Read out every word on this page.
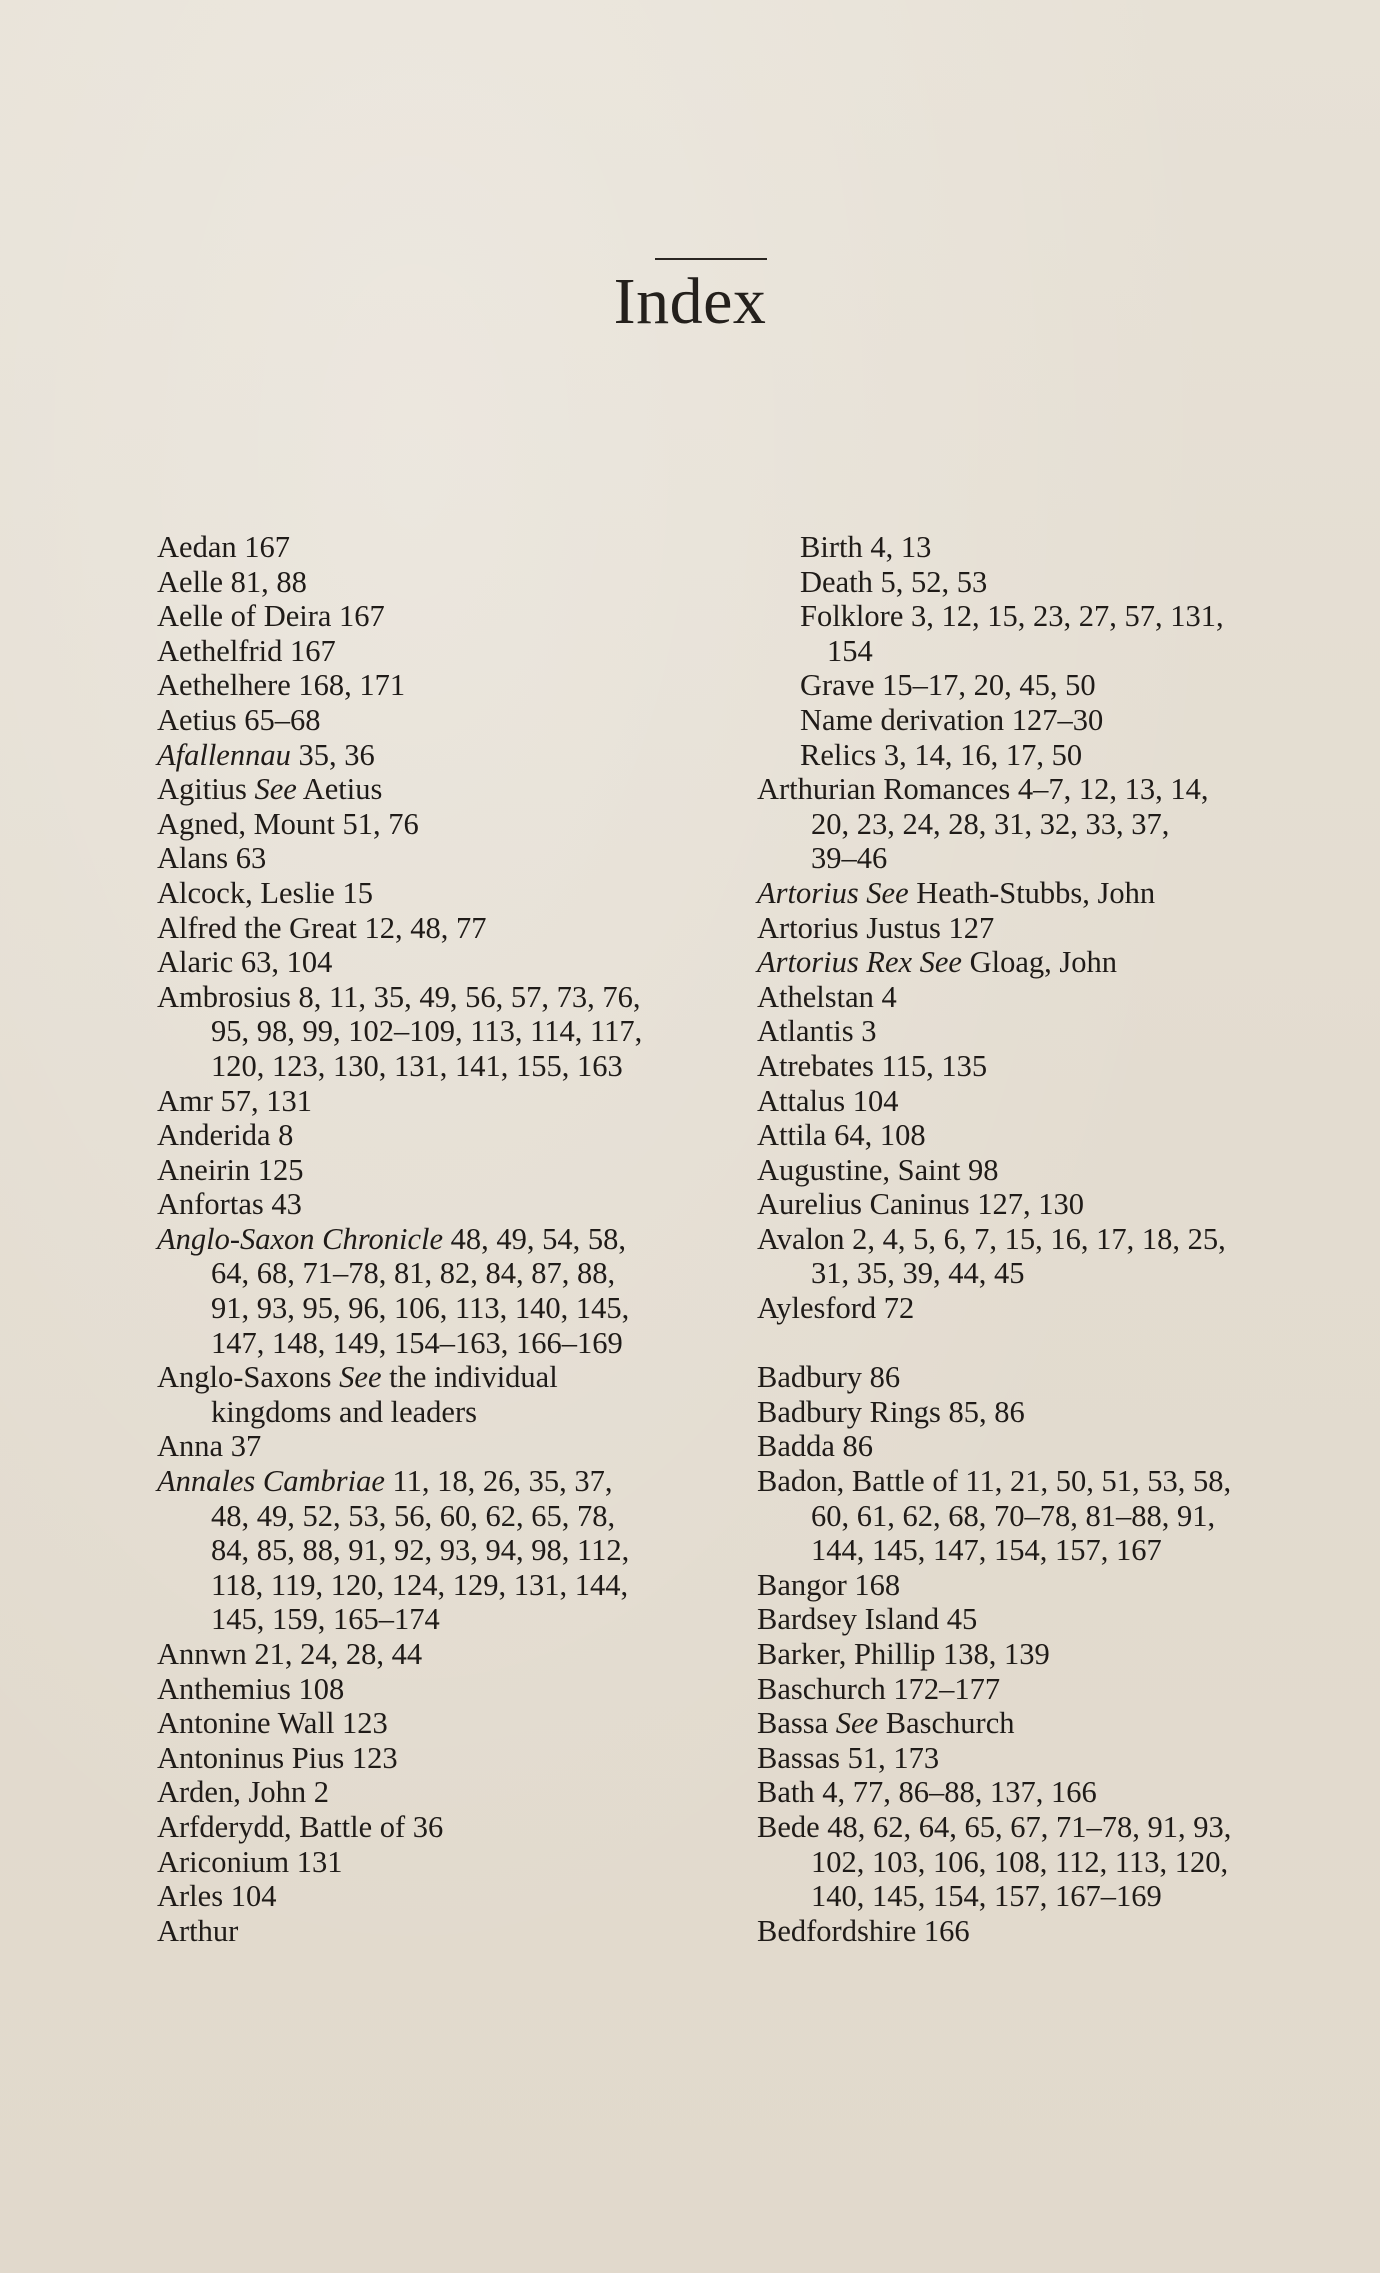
Index
Aedan 167
Aelle 81, 88
Aelle of Deira 167
Aethelfrid 167
Aethelhere 168, 171
Aetius 65–68
Afallennau 35, 36
Agitius See Aetius
Agned, Mount 51, 76
Alans 63
Alcock, Leslie 15
Alfred the Great 12, 48, 77
Alaric 63, 104
Ambrosius 8, 11, 35, 49, 56, 57, 73, 76,
95, 98, 99, 102–109, 113, 114, 117,
120, 123, 130, 131, 141, 155, 163
Amr 57, 131
Anderida 8
Aneirin 125
Anfortas 43
Anglo-Saxon Chronicle 48, 49, 54, 58,
64, 68, 71–78, 81, 82, 84, 87, 88,
91, 93, 95, 96, 106, 113, 140, 145,
147, 148, 149, 154–163, 166–169
Anglo-Saxons See the individual
kingdoms and leaders
Anna 37
Annales Cambriae 11, 18, 26, 35, 37,
48, 49, 52, 53, 56, 60, 62, 65, 78,
84, 85, 88, 91, 92, 93, 94, 98, 112,
118, 119, 120, 124, 129, 131, 144,
145, 159, 165–174
Annwn 21, 24, 28, 44
Anthemius 108
Antonine Wall 123
Antoninus Pius 123
Arden, John 2
Arfderydd, Battle of 36
Ariconium 131
Arles 104
Arthur
Birth 4, 13
Death 5, 52, 53
Folklore 3, 12, 15, 23, 27, 57, 131,
154
Grave 15–17, 20, 45, 50
Name derivation 127–30
Relics 3, 14, 16, 17, 50
Arthurian Romances 4–7, 12, 13, 14,
20, 23, 24, 28, 31, 32, 33, 37,
39–46
Artorius See Heath-Stubbs, John
Artorius Justus 127
Artorius Rex See Gloag, John
Athelstan 4
Atlantis 3
Atrebates 115, 135
Attalus 104
Attila 64, 108
Augustine, Saint 98
Aurelius Caninus 127, 130
Avalon 2, 4, 5, 6, 7, 15, 16, 17, 18, 25,
31, 35, 39, 44, 45
Aylesford 72
Badbury 86
Badbury Rings 85, 86
Badda 86
Badon, Battle of 11, 21, 50, 51, 53, 58,
60, 61, 62, 68, 70–78, 81–88, 91,
144, 145, 147, 154, 157, 167
Bangor 168
Bardsey Island 45
Barker, Phillip 138, 139
Baschurch 172–177
Bassa See Baschurch
Bassas 51, 173
Bath 4, 77, 86–88, 137, 166
Bede 48, 62, 64, 65, 67, 71–78, 91, 93,
102, 103, 106, 108, 112, 113, 120,
140, 145, 154, 157, 167–169
Bedfordshire 166
